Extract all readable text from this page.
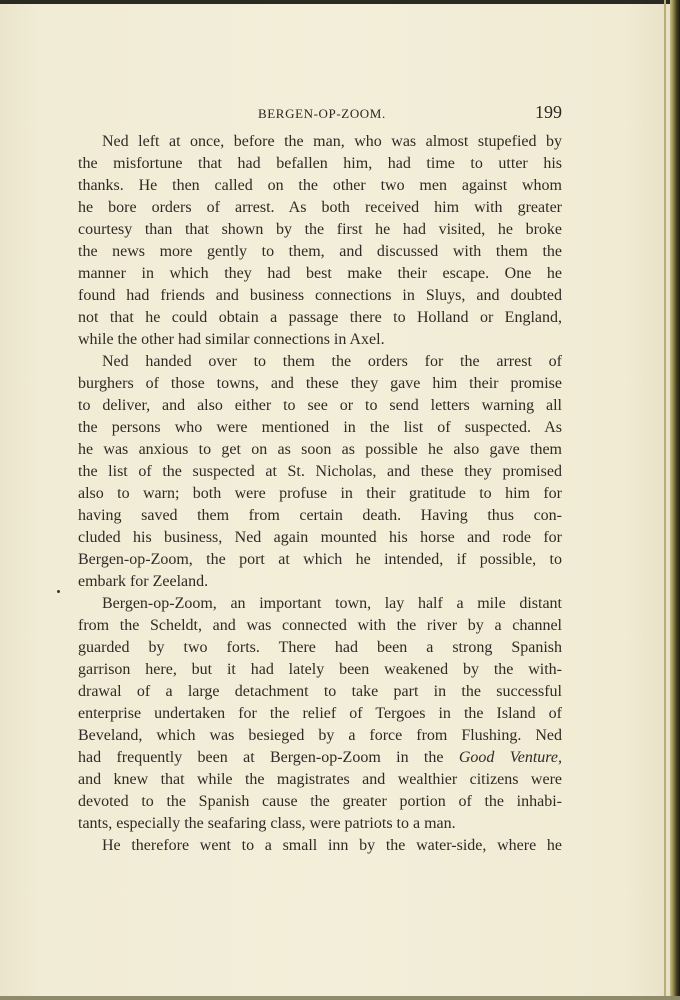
BERGEN-OP-ZOOM.	199
Ned left at once, before the man, who was almost stupefied by
the misfortune that had befallen him, had time to utter his
thanks. He then called on the other two men against whom
he bore orders of arrest. As both received him with greater
courtesy than that shown by the first he had visited, he broke
the news more gently to them, and discussed with them the
manner in which they had best make their escape. One he
found had friends and business connections in Sluys, and doubted
not that he could obtain a passage there to Holland or England,
while the other had similar connections in Axel.
Ned handed over to them the orders for the arrest of
burghers of those towns, and these they gave him their promise
to deliver, and also either to see or to send letters warning all
the persons who were mentioned in the list of suspected. As
he was anxious to get on as soon as possible he also gave them
the list of the suspected at St. Nicholas, and these they promised
also to warn; both were profuse in their gratitude to him for
having saved them from certain death. Having thus con-
cluded his business, Ned again mounted his horse and rode for
Bergen-op-Zoom, the port at which he intended, if possible, to
embark for Zeeland.
Bergen-op-Zoom, an important town, lay half a mile distant
from the Scheldt, and was connected with the river by a channel
guarded by two forts. There had been a strong Spanish
garrison here, but it had lately been weakened by the with-
drawal of a large detachment to take part in the successful
enterprise undertaken for the relief of Tergoes in the Island of
Beveland, which was besieged by a force from Flushing. Ned
had frequently been at Bergen-op-Zoom in the Good Venture,
and knew that while the magistrates and wealthier citizens were
devoted to the Spanish cause the greater portion of the inhabi-
tants, especially the seafaring class, were patriots to a man.
He therefore went to a small inn by the water-side, where he
